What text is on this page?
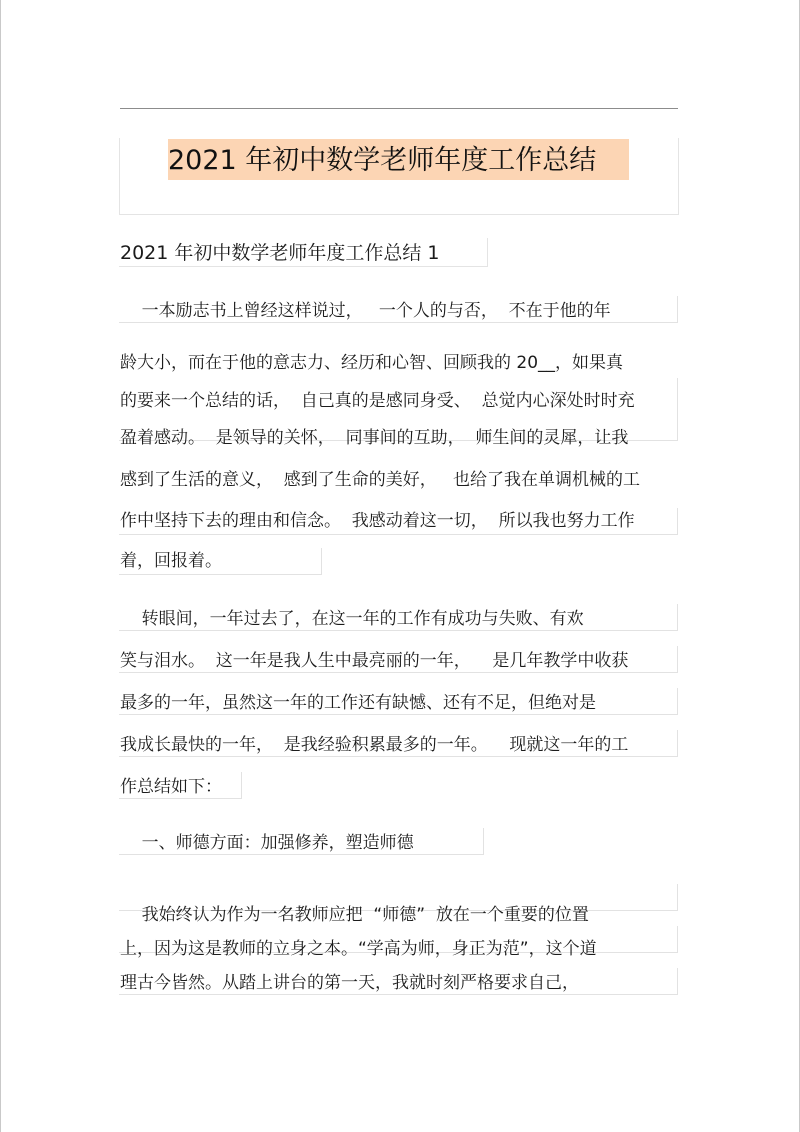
2021 年初中数学老师年度工作总结
2021 年初中数学老师年度工作总结 1
一本励志书上曾经这样说过，   一个人的与否，  不在于他的年
龄大小，而在于他的意志力、经历和心智、回顾我的 20__，如果真
的要来一个总结的话，  自己真的是感同身受、  总觉内心深处时时充
盈着感动。  是领导的关怀，  同事间的互助，  师生间的灵犀，让我
感到了生活的意义，  感到了生命的美好，   也给了我在单调机械的工
作中坚持下去的理由和信念。  我感动着这一切，  所以我也努力工作
着，回报着。
转眼间，一年过去了，在这一年的工作有成功与失败、有欢
笑与泪水。  这一年是我人生中最亮丽的一年，    是几年教学中收获
最多的一年，虽然这一年的工作还有缺憾、还有不足，但绝对是
我成长最快的一年，  是我经验积累最多的一年。    现就这一年的工
作总结如下：
一、师德方面：加强修养，塑造师德
我始终认为作为一名教师应把  “师德”  放在一个重要的位置
上，因为这是教师的立身之本。“学高为师，身正为范”，这个道
理古今皆然。从踏上讲台的第一天，我就时刻严格要求自己，
